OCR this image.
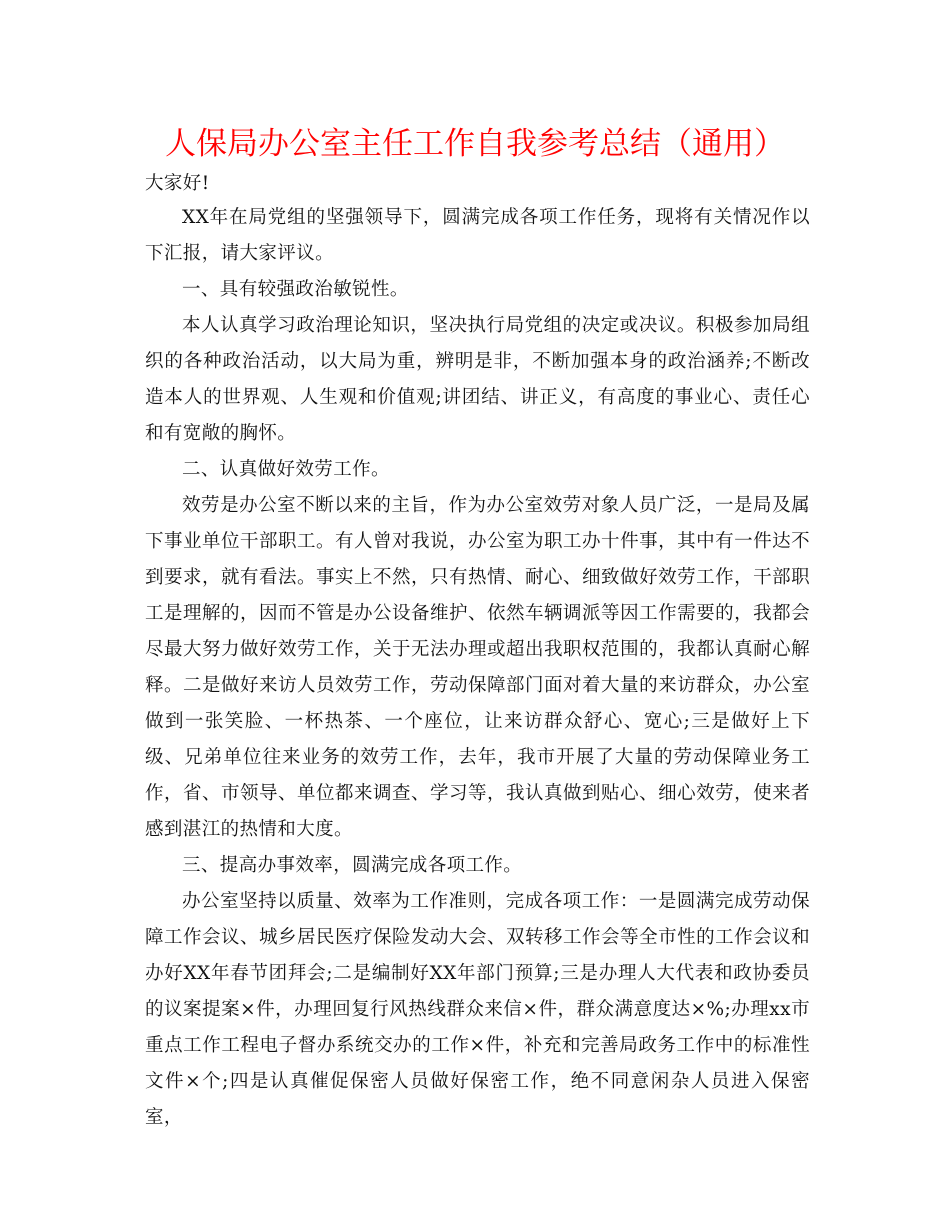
人保局办公室主任工作自我参考总结（通用）
大家好!

XX年在局党组的坚强领导下，圆满完成各项工作任务，现将有关情况作以下汇报，请大家评议。

一、具有较强政治敏锐性。

本人认真学习政治理论知识，坚决执行局党组的决定或决议。积极参加局组织的各种政治活动，以大局为重，辨明是非，不断加强本身的政治涵养;不断改造本人的世界观、人生观和价值观;讲团结、讲正义，有高度的事业心、责任心和有宽敞的胸怀。

二、认真做好效劳工作。

效劳是办公室不断以来的主旨，作为办公室效劳对象人员广泛，一是局及属下事业单位干部职工。有人曾对我说，办公室为职工办十件事，其中有一件达不到要求，就有看法。事实上不然，只有热情、耐心、细致做好效劳工作，干部职工是理解的，因而不管是办公设备维护、依然车辆调派等因工作需要的，我都会尽最大努力做好效劳工作，关于无法办理或超出我职权范围的，我都认真耐心解释。二是做好来访人员效劳工作，劳动保障部门面对着大量的来访群众，办公室做到一张笑脸、一杯热茶、一个座位，让来访群众舒心、宽心;三是做好上下级、兄弟单位往来业务的效劳工作，去年，我市开展了大量的劳动保障业务工作，省、市领导、单位都来调查、学习等，我认真做到贴心、细心效劳，使来者感到湛江的热情和大度。

三、提高办事效率，圆满完成各项工作。

办公室坚持以质量、效率为工作准则，完成各项工作：一是圆满完成劳动保障工作会议、城乡居民医疗保险发动大会、双转移工作会等全市性的工作会议和办好XX年春节团拜会;二是编制好XX年部门预算;三是办理人大代表和政协委员的议案提案×件，办理回复行风热线群众来信×件，群众满意度达×%;办理xx市重点工作工程电子督办系统交办的工作×件，补充和完善局政务工作中的标准性文件×个;四是认真催促保密人员做好保密工作，绝不同意闲杂人员进入保密室，
